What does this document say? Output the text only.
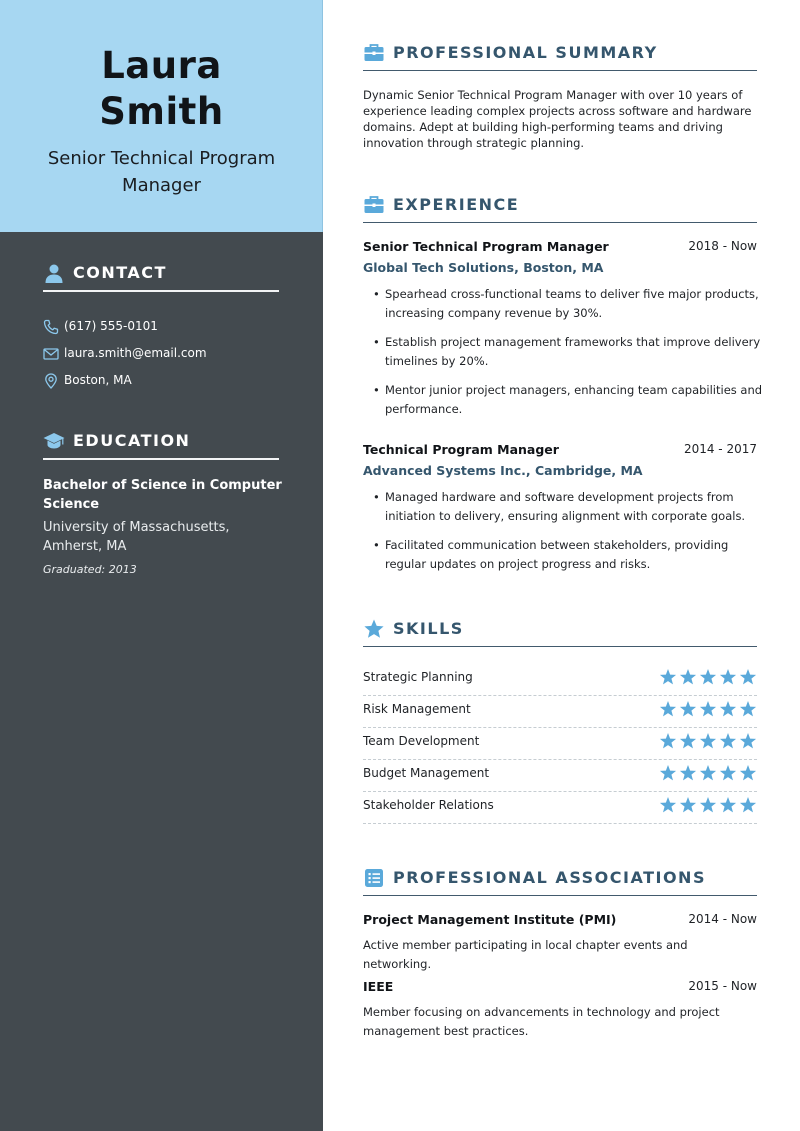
Laura
Smith
Senior Technical Program Manager
CONTACT
(617) 555-0101
laura.smith@email.com
Boston, MA
EDUCATION
Bachelor of Science in Computer Science
University of Massachusetts, Amherst, MA
Graduated: 2013
PROFESSIONAL SUMMARY
Dynamic Senior Technical Program Manager with over 10 years of experience leading complex projects across software and hardware domains. Adept at building high-performing teams and driving innovation through strategic planning.
EXPERIENCE
Senior Technical Program Manager	2018 - Now
Global Tech Solutions, Boston, MA
• Spearhead cross-functional teams to deliver five major products, increasing company revenue by 30%.
• Establish project management frameworks that improve delivery timelines by 20%.
• Mentor junior project managers, enhancing team capabilities and performance.
Technical Program Manager	2014 - 2017
Advanced Systems Inc., Cambridge, MA
• Managed hardware and software development projects from initiation to delivery, ensuring alignment with corporate goals.
• Facilitated communication between stakeholders, providing regular updates on project progress and risks.
SKILLS
Strategic Planning
Risk Management
Team Development
Budget Management
Stakeholder Relations
PROFESSIONAL ASSOCIATIONS
Project Management Institute (PMI)	2014 - Now
Active member participating in local chapter events and networking.
IEEE	2015 - Now
Member focusing on advancements in technology and project management best practices.
